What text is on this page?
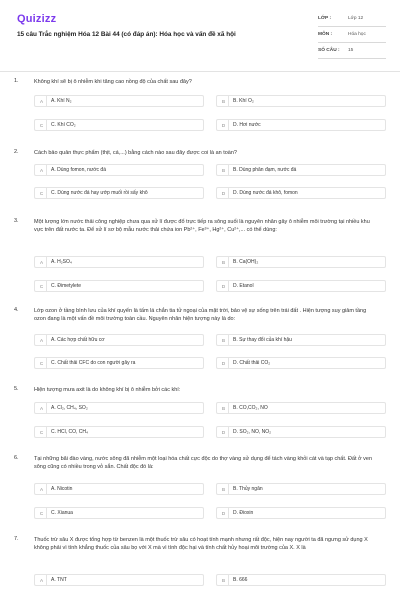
Quizizz
15 câu Trắc nghiệm Hóa 12 Bài 44 (có đáp án): Hóa học và vấn đề xã hội
LỚP :	Lớp 12
MÔN :	Hóa học
SỐ CÂU :	15
1.	Không khí sẽ bị ô nhiễm khi tăng cao nồng độ của chất sau đây?
A	A. Khí N₂	B	B. Khí O₂
C	C. Khí CO₂	D	D. Hơi nước
2.	Cách bảo quản thực phẩm (thịt, cá,...) bằng cách nào sau đây được coi là an toàn?
A	A. Dùng fomon, nước đá	B	B. Dùng phân đạm, nước đá
C	C. Dùng nước đá hay ướp muối rồi sấy khô	D	D. Dùng nước đá khô, fomon
3.	Một lượng lớn nước thải công nghiệp chưa qua xử lí được đổ trực tiếp ra sông suối là nguyên nhân gây ô nhiễm môi trường tại nhiều khu vực trên đất nước ta. Để xử lí sơ bộ mẫu nước thải chứa ion Pb²⁺, Fe³⁺, Hg²⁺, Cu²⁺,... có thể dùng:
A	A. H₂SO₄	B	B. Ca(OH)₂
C	C. Đimetylete	D	D. Etanol
4.	Lớp ozon ở tầng bình lưu của khí quyển là tấm lá chắn tia tử ngoại của mặt trời, bảo vệ sự sống trên trái đất . Hiện tượng suy giảm tầng ozon đang là một vấn đề môi trường toàn cầu. Nguyên nhân hiện tượng này là do:
A	A. Các hợp chất hữu cơ	B	B. Sự thay đổi của khí hậu
C	C. Chất thải CFC do con người gây ra	D	D. Chất thải CO₂
5.	Hiện tượng mưa axit là do không khí bị ô nhiễm bởi các khí:
A	A. Cl₂, CH₄, SO₂	B	B. CO,CO₂, NO
C	C. HCl, CO, CH₄	D	D. SO₂, NO, NO₂
6.	Tại những bãi đào vàng, nước sông đã nhiễm một loại hóa chất cực độc do thợ vàng sử dụng để tách vàng khỏi cát và tạp chất. Đất ở ven sông cũng có nhiều trong vỏ sắn. Chất độc đó là:
A	A. Nicotin	B	B. Thủy ngân
C	C. Xianua	D	D. Đioxin
7.	Thuốc trừ sâu X được tổng hợp từ benzen là một thuốc trừ sâu có hoạt tính mạnh nhưng rất độc, hiện nay người ta đã ngưng sử dụng X không phải vì tính khẳng thuốc của sâu bọ với X mà vì tính độc hại và tính chất hủy hoại môi trường của X. X là
A	A. TNT	B	B. 666
